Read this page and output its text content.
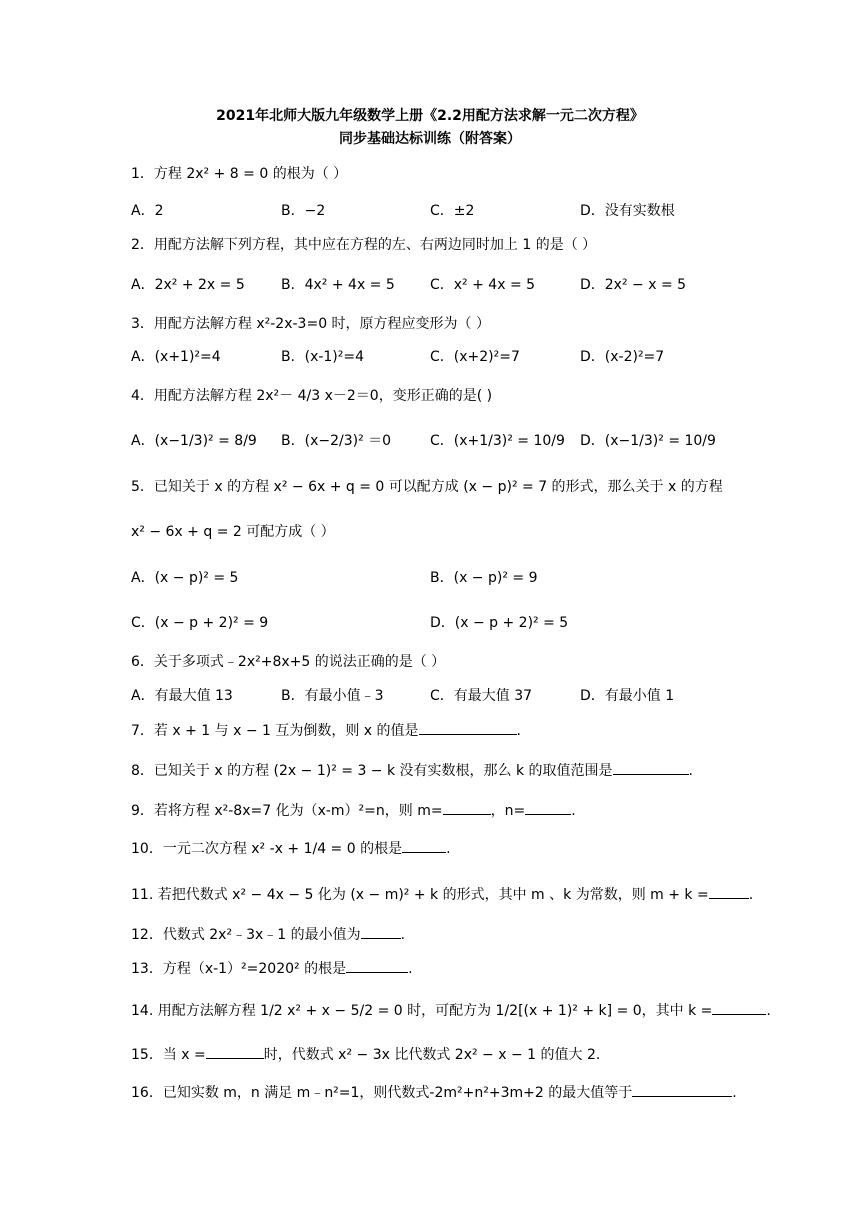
2021年北师大版九年级数学上册《2.2用配方法求解一元二次方程》
同步基础达标训练（附答案）
1．方程 2x² + 8 = 0 的根为（ ）
A．2	B．−2	C．±2	D．没有实数根
2．用配方法解下列方程，其中应在方程的左、右两边同时加上 1 的是（ ）
A．2x² + 2x = 5	B．4x² + 4x = 5	C．x² + 4x = 5	D．2x² − x = 5
3．用配方法解方程 x²-2x-3=0 时，原方程应变形为（ ）
A．(x+1)²=4	B．(x-1)²=4	C．(x+2)²=7	D．(x-2)²=7
4．用配方法解方程 2x²－ 4/3 x－2＝0，变形正确的是( )
A．(x−1/3)² = 8/9 B．(x−2/3)² ＝0	C．(x+1/3)² = 10/9 D．(x−1/3)² = 10/9
5．已知关于 x 的方程 x² − 6x + q = 0 可以配方成 (x − p)² = 7 的形式，那么关于 x 的方程
x² − 6x + q = 2 可配方成（ ）
A．(x − p)² = 5	B．(x − p)² = 9
C．(x − p + 2)² = 9	D．(x − p + 2)² = 5
6．关于多项式﹣2x²+8x+5 的说法正确的是（ ）
A．有最大值 13	B．有最小值﹣3	C．有最大值 37	D．有最小值 1
7．若 x + 1 与 x − 1 互为倒数，则 x 的值是	.
8．已知关于 x 的方程 (2x − 1)² = 3 − k 没有实数根，那么 k 的取值范围是	.
9．若将方程 x²-8x=7 化为（x-m）²=n，则 m=	，n=	.
10．一元二次方程 x² -x + 1/4 = 0 的根是	.
11. 若把代数式 x² − 4x − 5 化为 (x − m)² + k 的形式，其中 m 、k 为常数，则 m + k =	.
12．代数式 2x²﹣3x﹣1 的最小值为	.
13．方程（x-1）²=2020² 的根是	.
14. 用配方法解方程 1/2 x² + x − 5/2 = 0 时，可配方为 1/2[(x + 1)² + k] = 0，其中 k =	.
15．当 x =	时，代数式 x² − 3x 比代数式 2x² − x − 1 的值大 2.
16．已知实数 m，n 满足 m﹣n²=1，则代数式-2m²+n²+3m+2 的最大值等于	.
